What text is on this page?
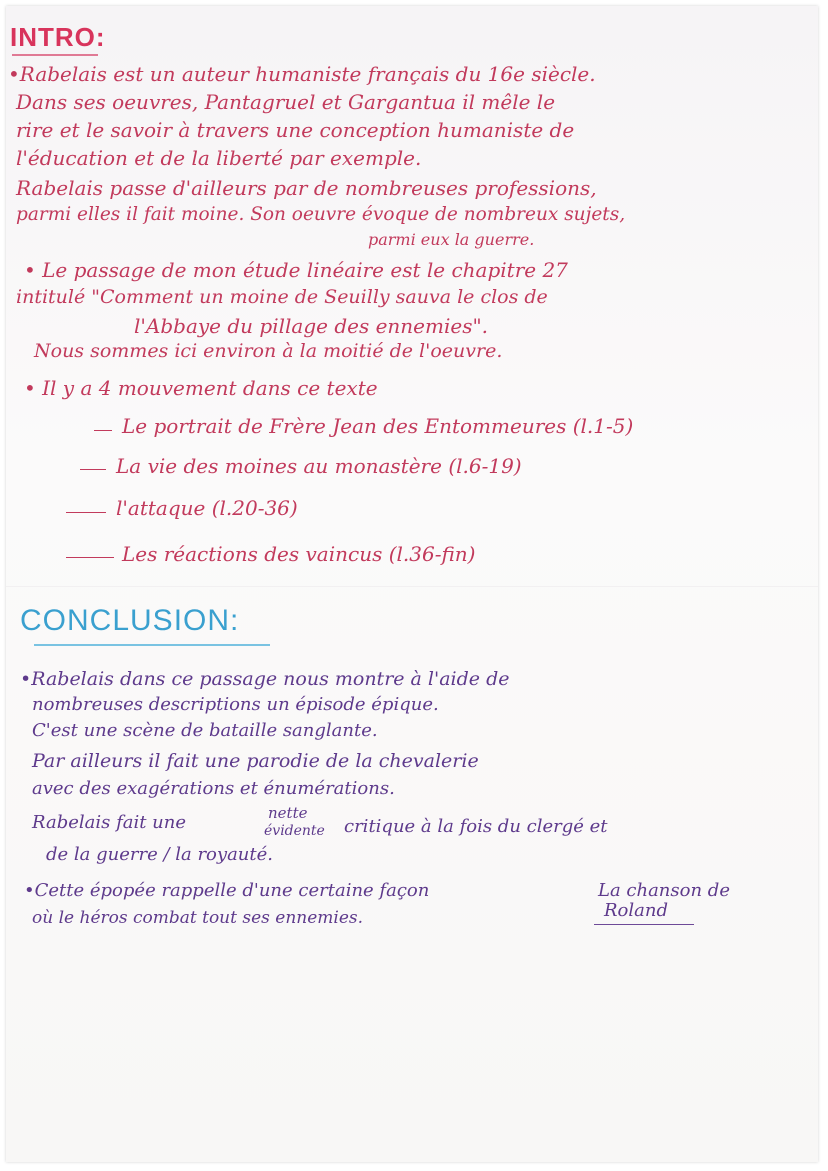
INTRO:
•Rabelais est un auteur humaniste français du 16e siècle.
Dans ses oeuvres, Pantagruel et Gargantua il mêle le
rire et le savoir à travers une conception humaniste de
l'éducation et de la liberté par exemple.
Rabelais passe d'ailleurs par de nombreuses professions,
parmi elles il fait moine. Son oeuvre évoque de nombreux sujets,
parmi eux la guerre.
• Le passage de mon étude linéaire est le chapitre 27
intitulé "Comment un moine de Seuilly sauva le clos de
l'Abbaye du pillage des ennemies".
Nous sommes ici environ à la moitié de l'oeuvre.
• Il y a 4 mouvement dans ce texte
Le portrait de Frère Jean des Entommeures (l.1-5)
La vie des moines au monastère (l.6-19)
l'attaque (l.20-36)
Les réactions des vaincus (l.36-fin)
CONCLUSION:
•Rabelais dans ce passage nous montre à l'aide de
nombreuses descriptions un épisode épique.
C'est une scène de bataille sanglante.
Par ailleurs il fait une parodie de la chevalerie
avec des exagérations et énumérations.
Rabelais fait une	nette
évidente critique à la fois du clergé et
de la guerre / la royauté.
•Cette épopée rappelle d'une certaine façon	La chanson de
Roland
où le héros combat tout ses ennemies.
